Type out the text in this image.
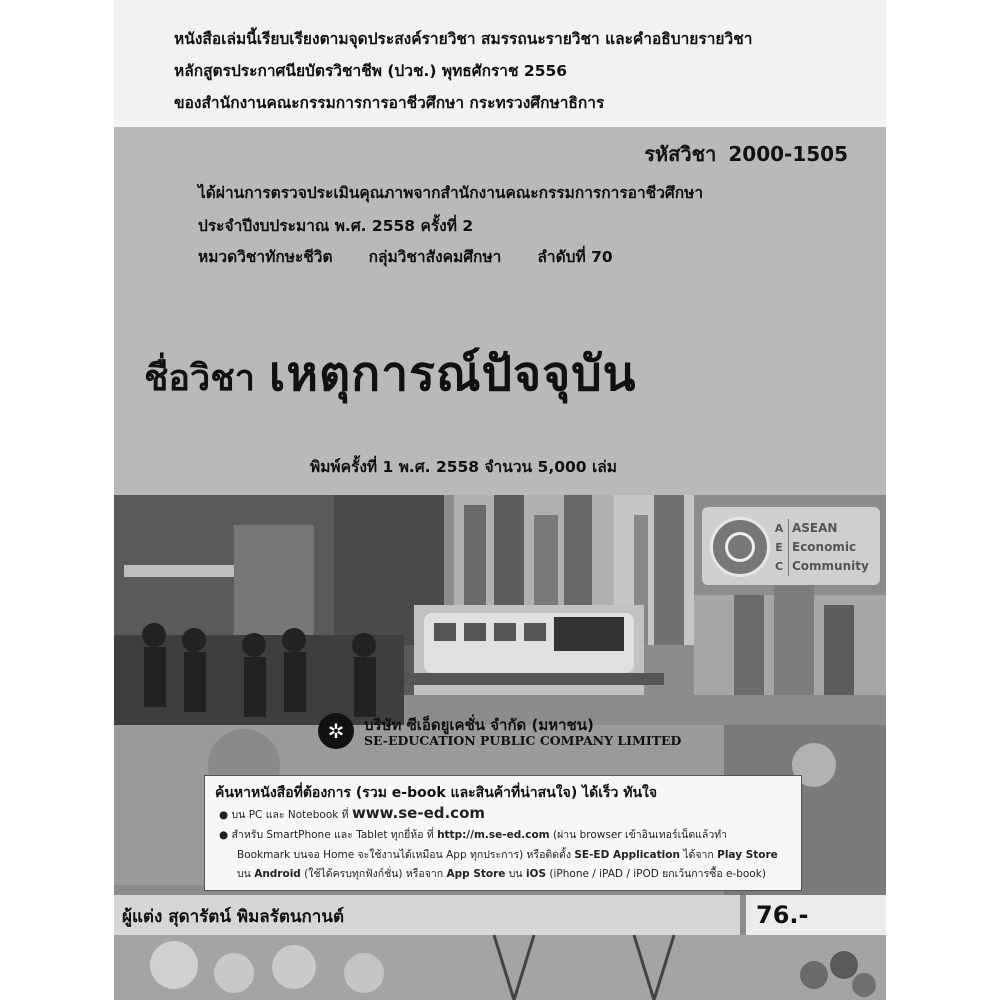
หนังสือเล่มนี้เรียบเรียงตามจุดประสงค์รายวิชา สมรรถนะรายวิชา และคำอธิบายรายวิชา
หลักสูตรประกาศนียบัตรวิชาชีพ (ปวช.) พุทธศักราช 2556
ของสำนักงานคณะกรรมการการอาชีวศึกษา กระทรวงศึกษาธิการ
รหัสวิชา 2000-1505
ได้ผ่านการตรวจประเมินคุณภาพจากสำนักงานคณะกรรมการการอาชีวศึกษา
ประจำปีงบประมาณ พ.ศ. 2558 ครั้งที่ 2
หมวดวิชาทักษะชีวิต กลุ่มวิชาสังคมศึกษา ลำดับที่ 70
ชื่อวิชา เหตุการณ์ปัจจุบัน
พิมพ์ครั้งที่ 1 พ.ศ. 2558 จำนวน 5,000 เล่ม
A
E
C
ASEAN
Economic
Community
✲	บริษัท ซีเอ็ดยูเคชั่น จำกัด (มหาชน)
SE-EDUCATION PUBLIC COMPANY LIMITED
ค้นหาหนังสือที่ต้องการ (รวม e-book และสินค้าที่น่าสนใจ) ได้เร็ว ทันใจ
● บน PC และ Notebook ที่ www.se-ed.com
● สำหรับ SmartPhone และ Tablet ทุกยี่ห้อ ที่ http://m.se-ed.com (ผ่าน browser เข้าอินเทอร์เน็ตแล้วทำ
Bookmark บนจอ Home จะใช้งานได้เหมือน App ทุกประการ) หรือติดตั้ง SE-ED Application ได้จาก Play Store
บน Android (ใช้ได้ครบทุกฟังก์ชั่น) หรือจาก App Store บน iOS (iPhone / iPAD / iPOD ยกเว้นการซื้อ e-book)
ผู้แต่ง สุดารัตน์ พิมลรัตนกานต์	76.-
